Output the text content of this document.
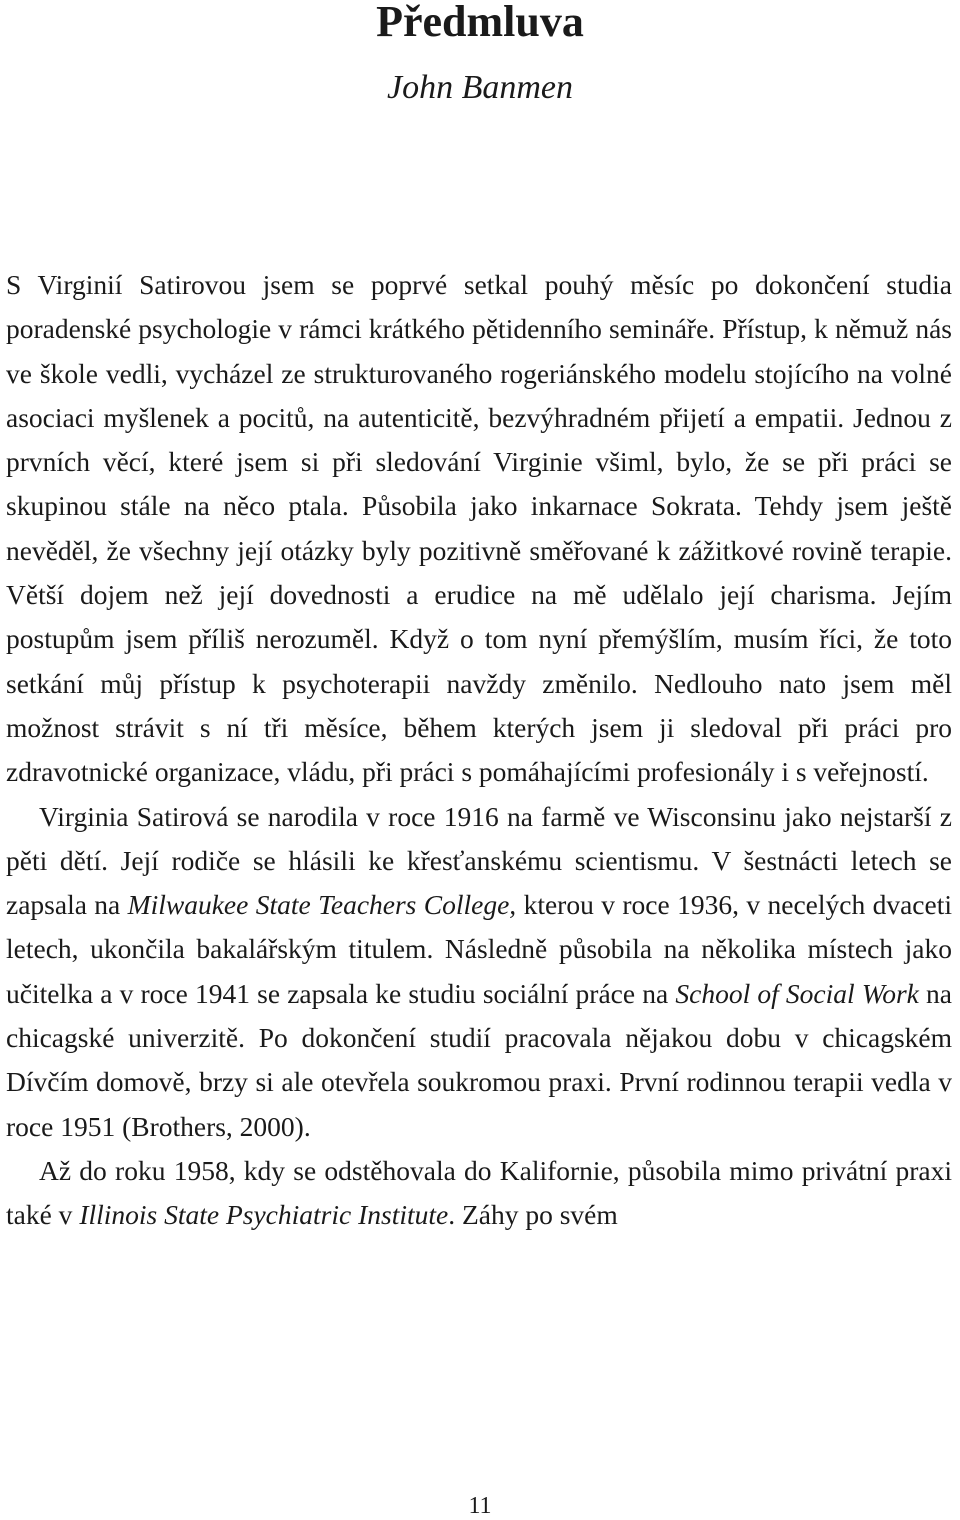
Předmluva
John Banmen

S Virginií Satirovou jsem se poprvé setkal pouhý měsíc po dokončení studia poradenské psychologie v rámci krátkého pětidenního semináře. Přístup, k němuž nás ve škole vedli, vycházel ze strukturovaného rogeriánského modelu stojícího na volné asociaci myšlenek a pocitů, na autenticitě, bezvýhradném přijetí a empatii. Jednou z prvních věcí, které jsem si při sledování Virginie všiml, bylo, že se při práci se skupinou stále na něco ptala. Působila jako inkarnace Sokrata. Tehdy jsem ještě nevěděl, že všechny její otázky byly pozitivně směřované k zážitkové rovině terapie. Větší dojem než její dovednosti a erudice na mě udělalo její charisma. Jejím postupům jsem příliš nerozuměl. Když o tom nyní přemýšlím, musím říci, že toto setkání můj přístup k psychoterapii navždy změnilo. Nedlouho nato jsem měl možnost strávit s ní tři měsíce, během kterých jsem ji sledoval při práci pro zdravotnické organizace, vládu, při práci s pomáhajícími profesionály i s veřejností.

Virginia Satirová se narodila v roce 1916 na farmě ve Wisconsinu jako nejstarší z pěti dětí. Její rodiče se hlásili ke křesťanskému scientismu. V šestnácti letech se zapsala na Milwaukee State Teachers College, kterou v roce 1936, v necelých dvaceti letech, ukončila bakalářským titulem. Následně působila na několika místech jako učitelka a v roce 1941 se zapsala ke studiu sociální práce na School of Social Work na chicagské univerzitě. Po dokončení studií pracovala nějakou dobu v chicagském Dívčím domově, brzy si ale otevřela soukromou praxi. První rodinnou terapii vedla v roce 1951 (Brothers, 2000).

Až do roku 1958, kdy se odstěhovala do Kalifornie, působila mimo privátní praxi také v Illinois State Psychiatric Institute. Záhy po svém

11
